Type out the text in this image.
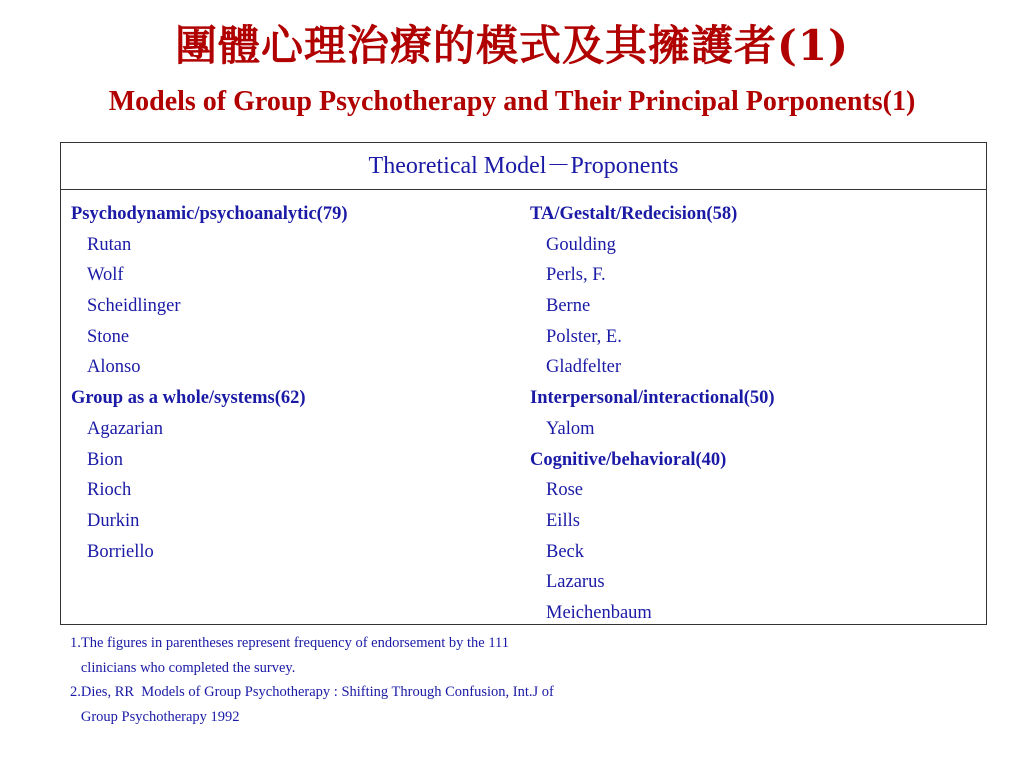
團體心理治療的模式及其擁護者(1)
Models of Group Psychotherapy and Their Principal Porponents(1)
Theoretical Model－Proponents
Psychodynamic/psychoanalytic(79)
Rutan
Wolf
Scheidlinger
Stone
Alonso
Group as a whole/systems(62)
Agazarian
Bion
Rioch
Durkin
Borriello
TA/Gestalt/Redecision(58)
Goulding
Perls, F.
Berne
Polster, E.
Gladfelter
Interpersonal/interactional(50)
Yalom
Cognitive/behavioral(40)
Rose
Eills
Beck
Lazarus
Meichenbaum
1.The figures in parentheses represent frequency of endorsement by the 111
clinicians who completed the survey.
2.Dies, RR  Models of Group Psychotherapy : Shifting Through Confusion, Int.J of
Group Psychotherapy 1992
